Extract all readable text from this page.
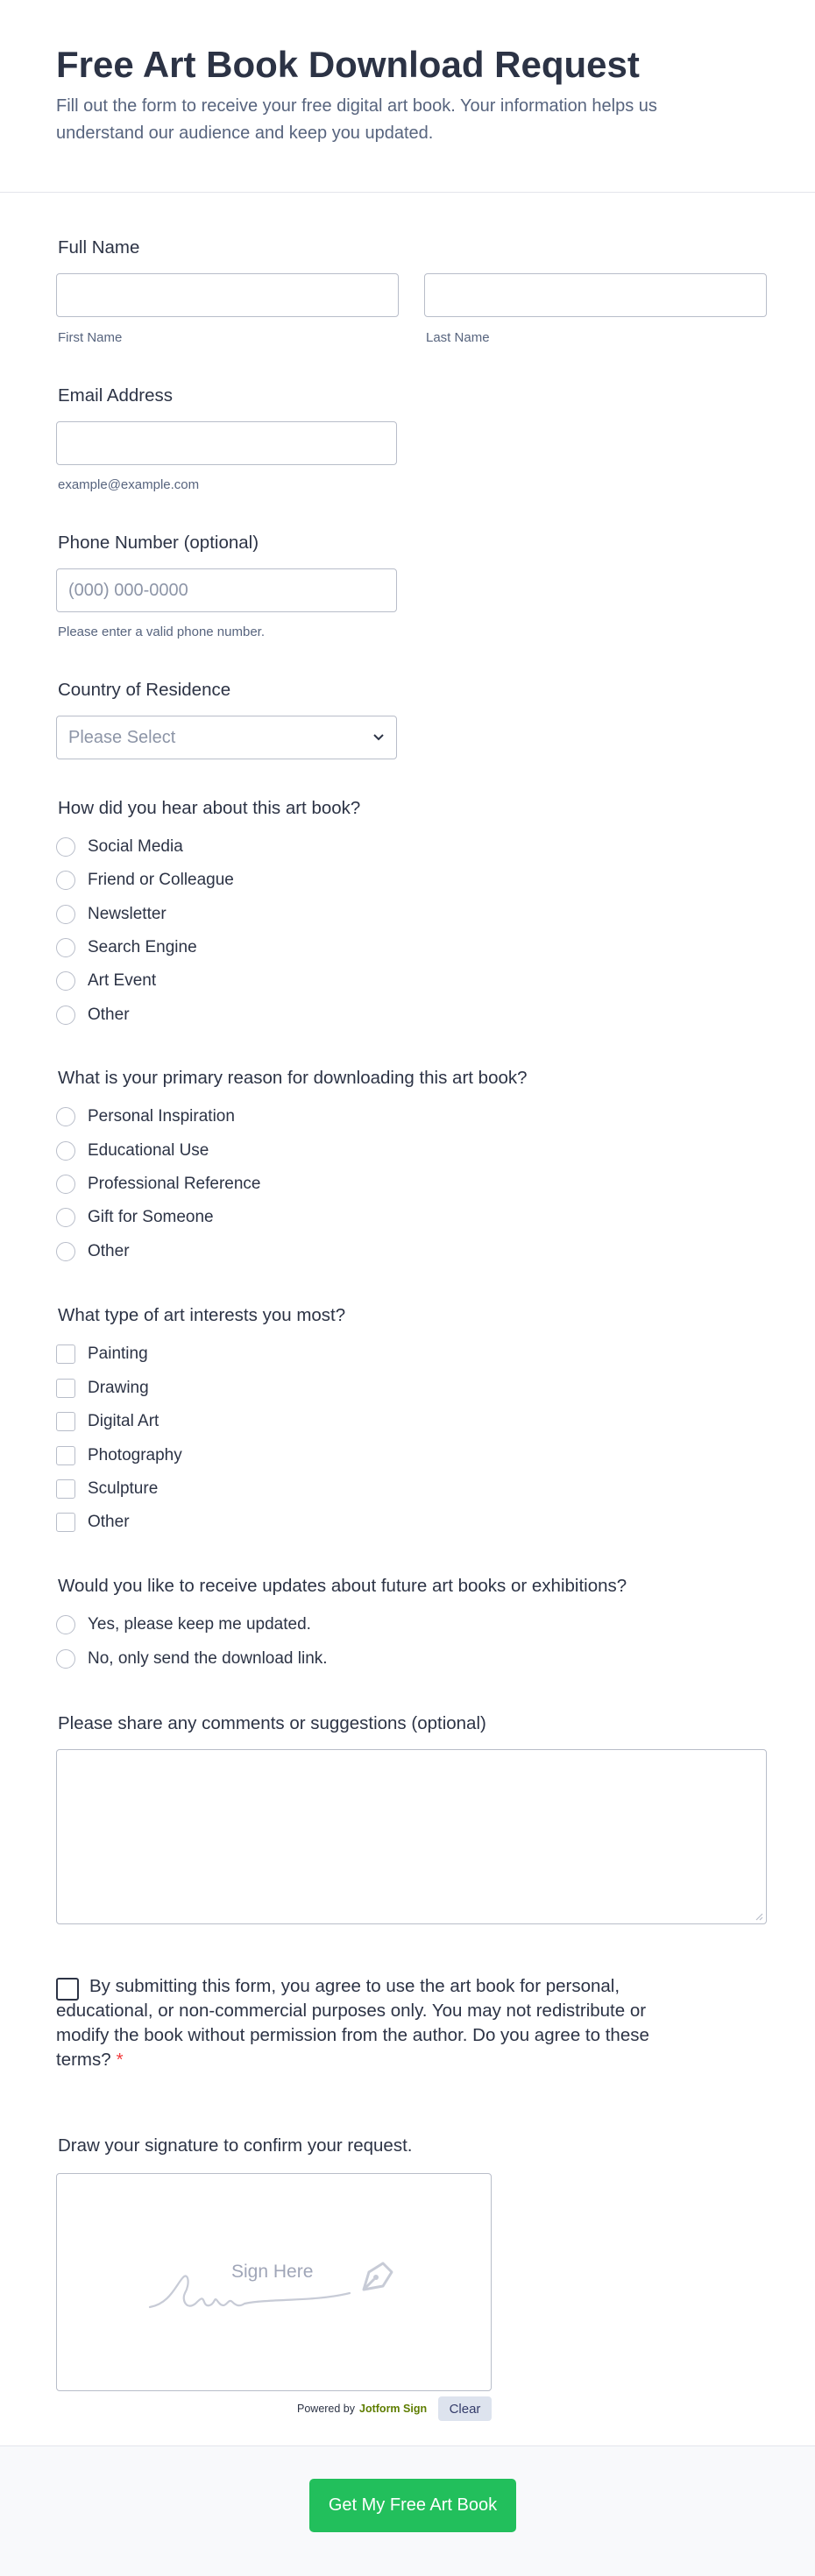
Free Art Book Download Request

Fill out the form to receive your free digital art book. Your information helps us understand our audience and keep you updated.

Full Name
First Name	Last Name
Email Address
example@example.com
Phone Number (optional)
(000) 000-0000
Please enter a valid phone number.
Country of Residence
Please Select
How did you hear about this art book?
Social Media
Friend or Colleague
Newsletter
Search Engine
Art Event
Other
What is your primary reason for downloading this art book?
Personal Inspiration
Educational Use
Professional Reference
Gift for Someone
Other
What type of art interests you most?
Painting
Drawing
Digital Art
Photography
Sculpture
Other
Would you like to receive updates about future art books or exhibitions?
Yes, please keep me updated.
No, only send the download link.
Please share any comments or suggestions (optional)
By submitting this form, you agree to use the art book for personal, educational, or non-commercial purposes only. You may not redistribute or modify the book without permission from the author. Do you agree to these terms? *
Draw your signature to confirm your request.
Sign Here
Powered by Jotform Sign	Clear
Get My Free Art Book
